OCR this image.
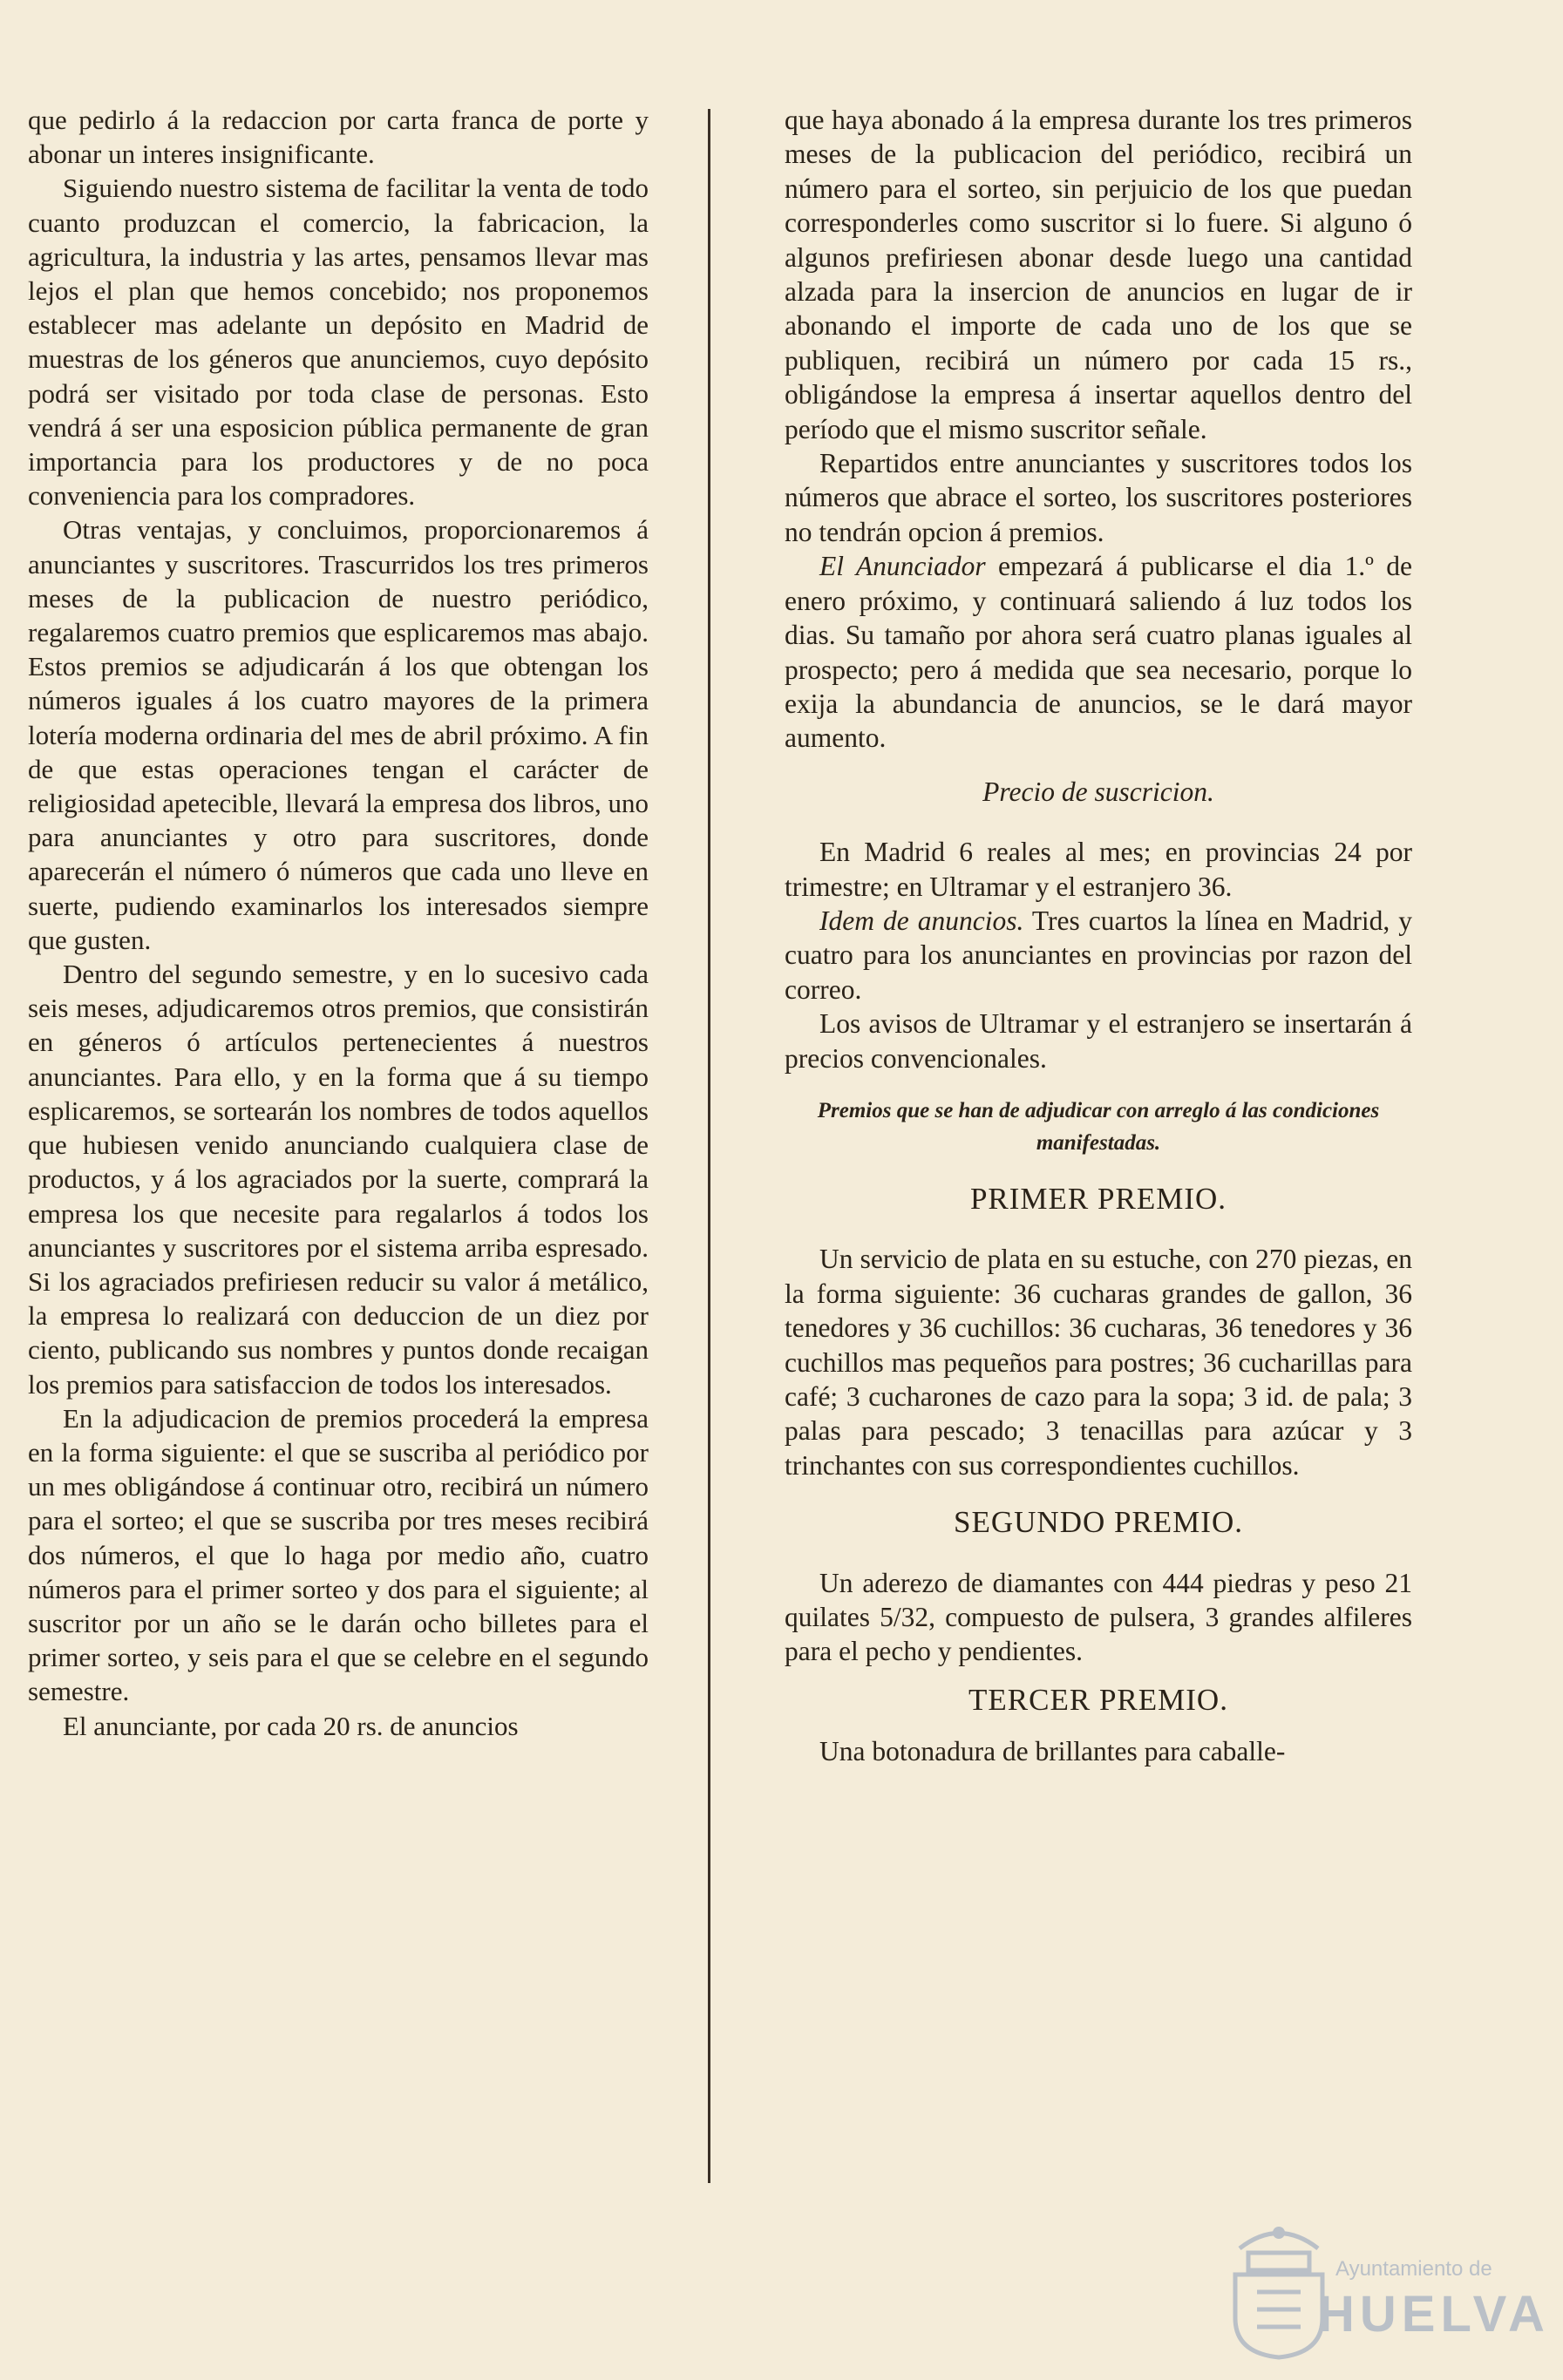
que pedirlo á la redaccion por carta franca de porte y abonar un interes insignificante.

Siguiendo nuestro sistema de facilitar la venta de todo cuanto produzcan el comercio, la fabricacion, la agricultura, la industria y las artes, pensamos llevar mas lejos el plan que hemos concebido; nos proponemos establecer mas adelante un depósito en Madrid de muestras de los géneros que anunciemos, cuyo depósito podrá ser visitado por toda clase de personas. Esto vendrá á ser una esposicion pública permanente de gran importancia para los productores y de no poca conveniencia para los compradores.

Otras ventajas, y concluimos, proporcionaremos á anunciantes y suscritores. Trascurridos los tres primeros meses de la publicacion de nuestro periódico, regalaremos cuatro premios que esplicaremos mas abajo. Estos premios se adjudicarán á los que obtengan los números iguales á los cuatro mayores de la primera lotería moderna ordinaria del mes de abril próximo. A fin de que estas operaciones tengan el carácter de religiosidad apetecible, llevará la empresa dos libros, uno para anunciantes y otro para suscritores, donde aparecerán el número ó números que cada uno lleve en suerte, pudiendo examinarlos los interesados siempre que gusten.

Dentro del segundo semestre, y en lo sucesivo cada seis meses, adjudicaremos otros premios, que consistirán en géneros ó artículos pertenecientes á nuestros anunciantes. Para ello, y en la forma que á su tiempo esplicaremos, se sortearán los nombres de todos aquellos que hubiesen venido anunciando cualquiera clase de productos, y á los agraciados por la suerte, comprará la empresa los que necesite para regalarlos á todos los anunciantes y suscritores por el sistema arriba espresado. Si los agraciados prefiriesen reducir su valor á metálico, la empresa lo realizará con deduccion de un diez por ciento, publicando sus nombres y puntos donde recaigan los premios para satisfaccion de todos los interesados.

En la adjudicacion de premios procederá la empresa en la forma siguiente: el que se suscriba al periódico por un mes obligándose á continuar otro, recibirá un número para el sorteo; el que se suscriba por tres meses recibirá dos números, el que lo haga por medio año, cuatro números para el primer sorteo y dos para el siguiente; al suscritor por un año se le darán ocho billetes para el primer sorteo, y seis para el que se celebre en el segundo semestre.

El anunciante, por cada 20 rs. de anuncios

que haya abonado á la empresa durante los tres primeros meses de la publicacion del periódico, recibirá un número para el sorteo, sin perjuicio de los que puedan corresponderles como suscritor si lo fuere. Si alguno ó algunos prefiriesen abonar desde luego una cantidad alzada para la insercion de anuncios en lugar de ir abonando el importe de cada uno de los que se publiquen, recibirá un número por cada 15 rs., obligándose la empresa á insertar aquellos dentro del período que el mismo suscritor señale.

Repartidos entre anunciantes y suscritores todos los números que abrace el sorteo, los suscritores posteriores no tendrán opcion á premios.

El Anunciador empezará á publicarse el dia 1.º de enero próximo, y continuará saliendo á luz todos los dias. Su tamaño por ahora será cuatro planas iguales al prospecto; pero á medida que sea necesario, porque lo exija la abundancia de anuncios, se le dará mayor aumento.

Precio de suscricion.

En Madrid 6 reales al mes; en provincias 24 por trimestre; en Ultramar y el estranjero 36.

Idem de anuncios. Tres cuartos la línea en Madrid, y cuatro para los anunciantes en provincias por razon del correo.

Los avisos de Ultramar y el estranjero se insertarán á precios convencionales.

Premios que se han de adjudicar con arreglo á las condiciones manifestadas.

PRIMER PREMIO.

Un servicio de plata en su estuche, con 270 piezas, en la forma siguiente: 36 cucharas grandes de gallon, 36 tenedores y 36 cuchillos: 36 cucharas, 36 tenedores y 36 cuchillos mas pequeños para postres; 36 cucharillas para café; 3 cucharones de cazo para la sopa; 3 id. de pala; 3 palas para pescado; 3 tenacillas para azúcar y 3 trinchantes con sus correspondientes cuchillos.

SEGUNDO PREMIO.

Un aderezo de diamantes con 444 piedras y peso 21 quilates 5/32, compuesto de pulsera, 3 grandes alfileres para el pecho y pendientes.

TERCER PREMIO.

Una botonadura de brillantes para caballe-

Ayuntamiento de
HUELVA
